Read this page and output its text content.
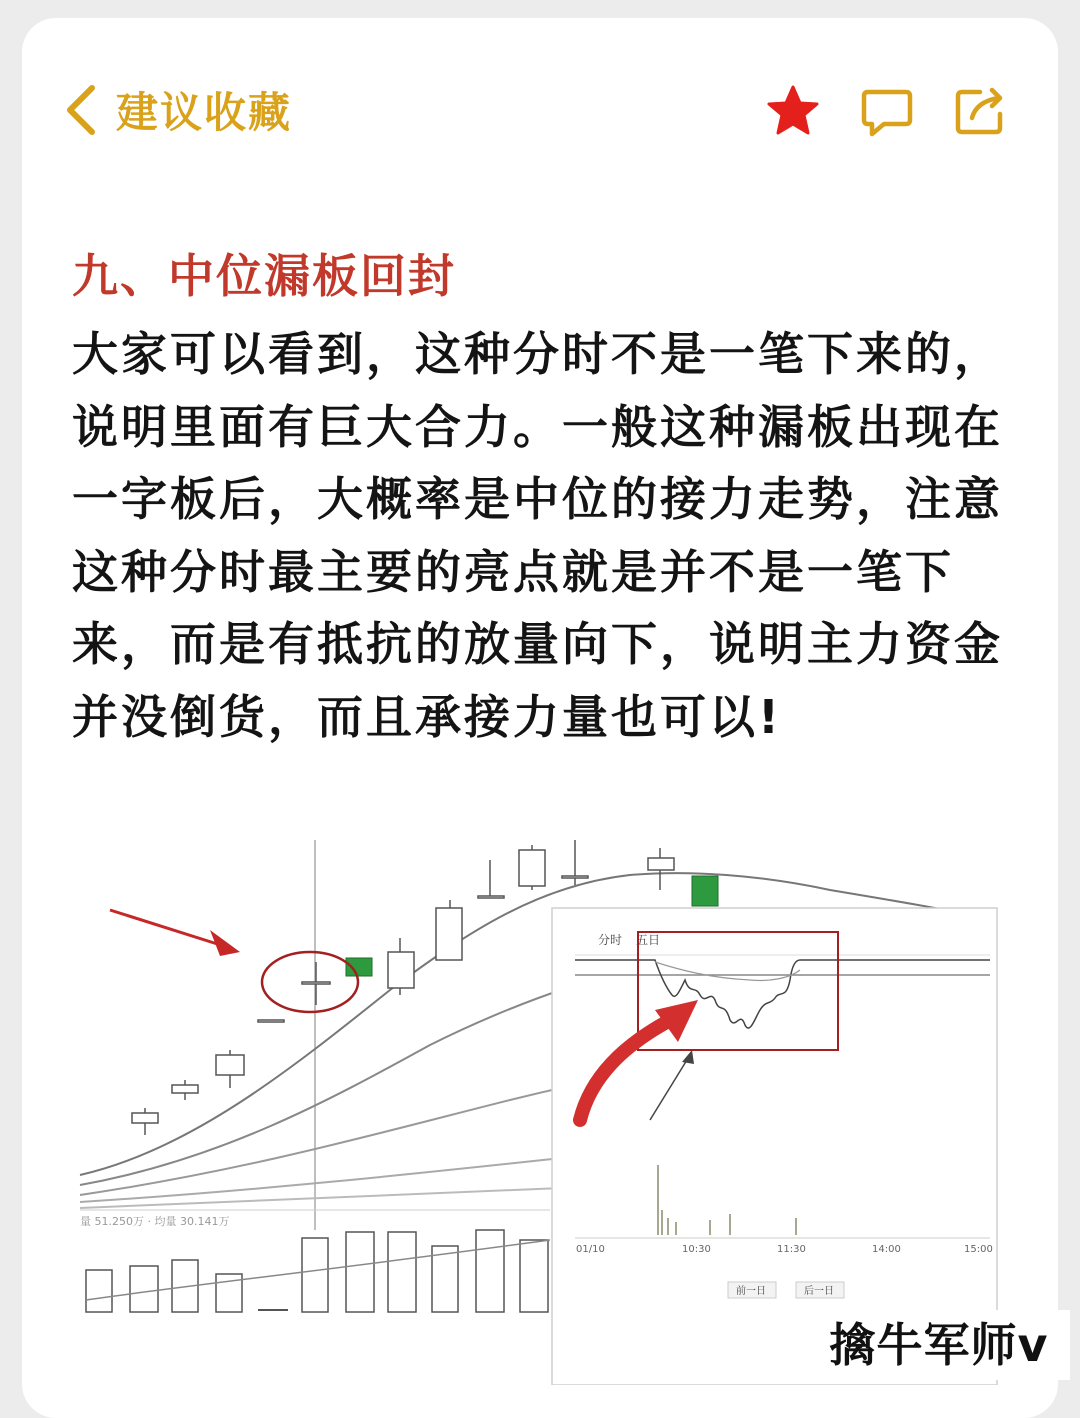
建议收藏
九、中位漏板回封
大家可以看到，这种分时不是一笔下来的，说明里面有巨大合力。一般这种漏板出现在一字板后，大概率是中位的接力走势，注意这种分时最主要的亮点就是并不是一笔下来，而是有抵抗的放量向下，说明主力资金并没倒货，而且承接力量也可以!
量 51.250万 · 均量 30.141万
分时 五日
01/10	10:30	11:30	14:00	15:00
前一日	后一日
擒牛军师v
